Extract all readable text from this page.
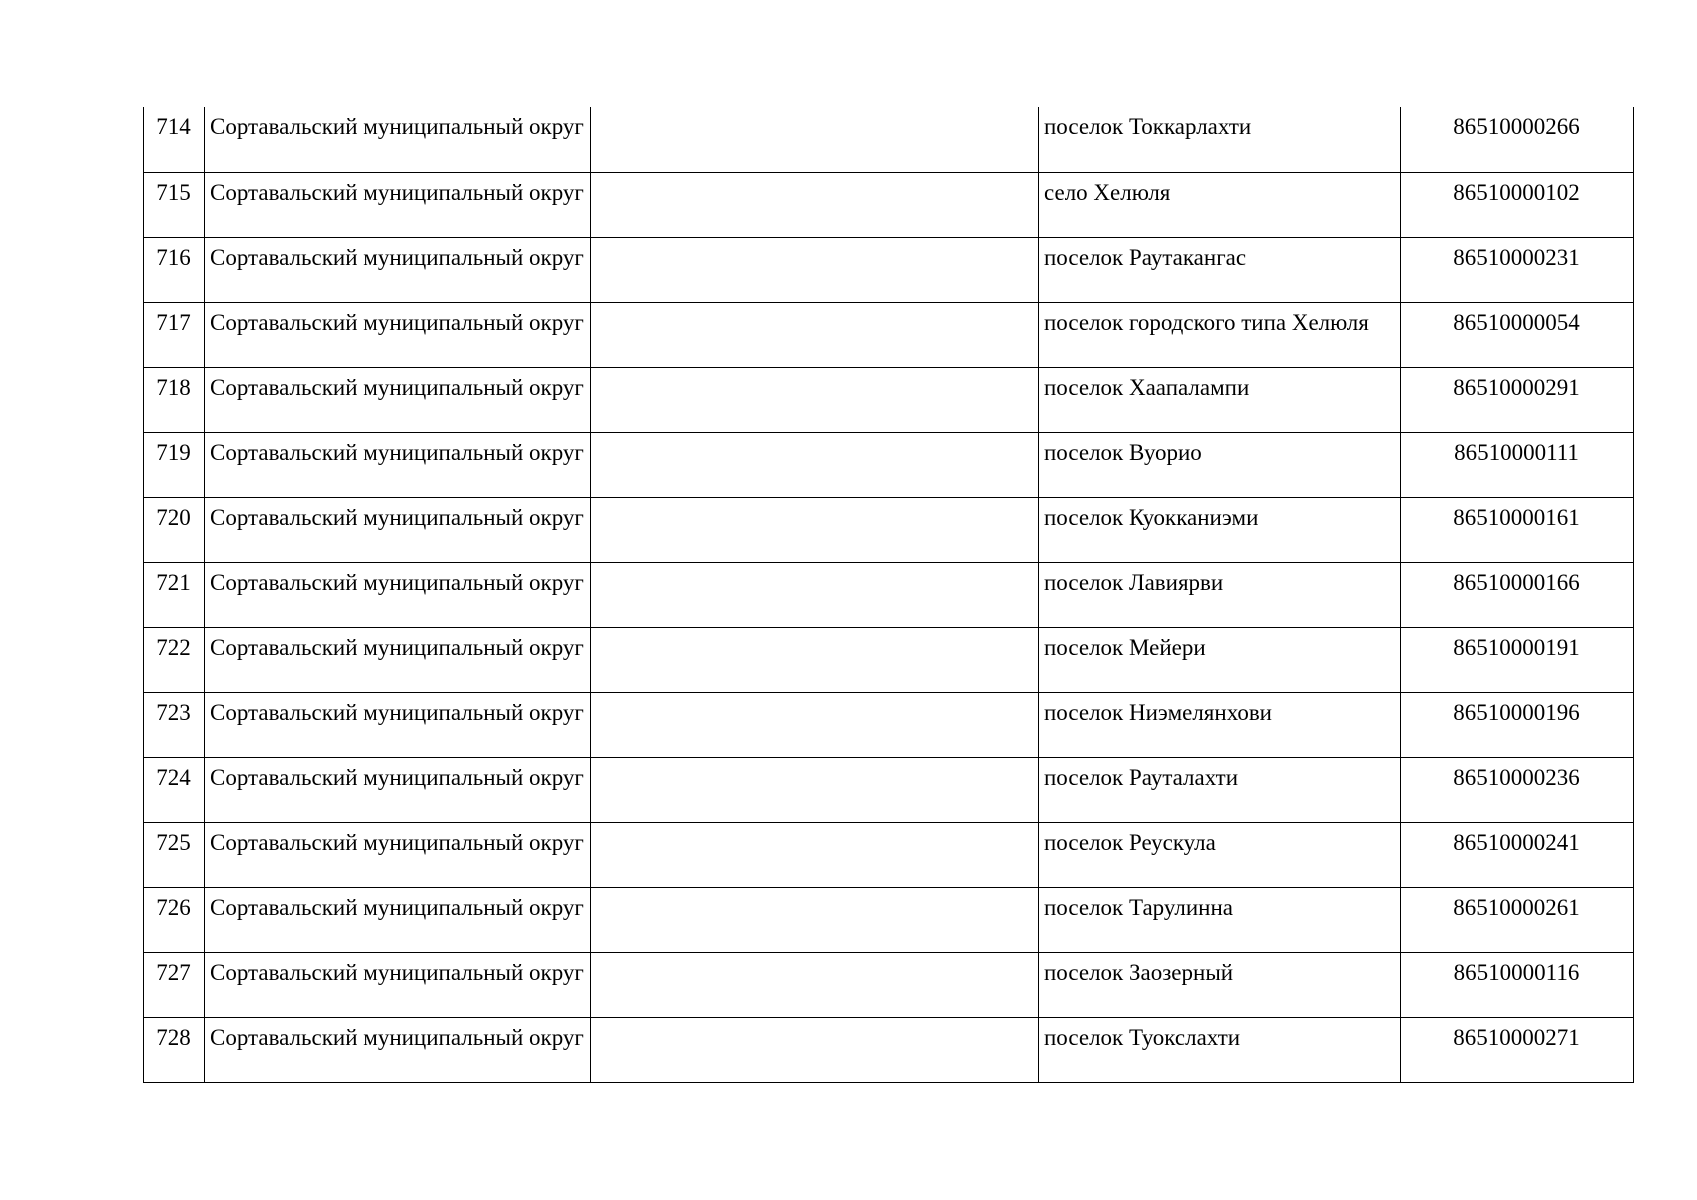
714	Сортавальский муниципальный округ		поселок Токкарлахти	86510000266
715	Сортавальский муниципальный округ		село Хелюля	86510000102
716	Сортавальский муниципальный округ		поселок Раутакангас	86510000231
717	Сортавальский муниципальный округ		поселок городского типа Хелюля	86510000054
718	Сортавальский муниципальный округ		поселок Хаапалампи	86510000291
719	Сортавальский муниципальный округ		поселок Вуорио	86510000111
720	Сортавальский муниципальный округ		поселок Куокканиэми	86510000161
721	Сортавальский муниципальный округ		поселок Лавиярви	86510000166
722	Сортавальский муниципальный округ		поселок Мейери	86510000191
723	Сортавальский муниципальный округ		поселок Ниэмелянхови	86510000196
724	Сортавальский муниципальный округ		поселок Рауталахти	86510000236
725	Сортавальский муниципальный округ		поселок Реускула	86510000241
726	Сортавальский муниципальный округ		поселок Тарулинна	86510000261
727	Сортавальский муниципальный округ		поселок Заозерный	86510000116
728	Сортавальский муниципальный округ		поселок Туокслахти	86510000271
